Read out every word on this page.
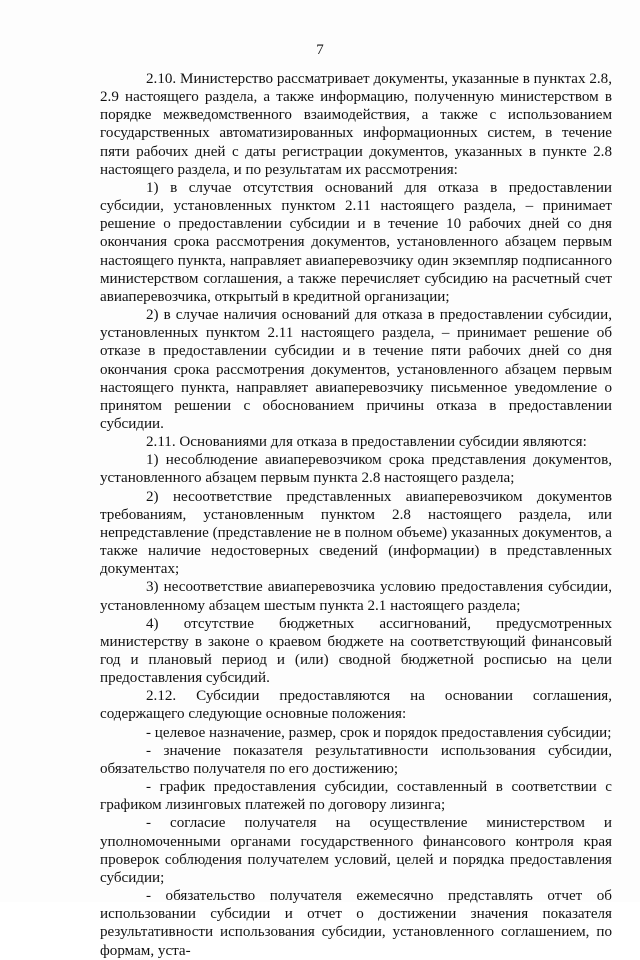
7

2.10. Министерство рассматривает документы, указанные в пунктах 2.8, 2.9 настоящего раздела, а также информацию, полученную министерством в порядке межведомственного взаимодействия, а также с использованием государственных автоматизированных информационных систем, в течение пяти рабочих дней с даты регистрации документов, указанных в пункте 2.8 настоящего раздела, и по результатам их рассмотрения:

1) в случае отсутствия оснований для отказа в предоставлении субсидии, установленных пунктом 2.11 настоящего раздела, – принимает решение о предоставлении субсидии и в течение 10 рабочих дней со дня окончания срока рассмотрения документов, установленного абзацем первым настоящего пункта, направляет авиаперевозчику один экземпляр подписанного министерством соглашения, а также перечисляет субсидию на расчетный счет авиаперевозчика, открытый в кредитной организации;

2) в случае наличия оснований для отказа в предоставлении субсидии, установленных пунктом 2.11 настоящего раздела, – принимает решение об отказе в предоставлении субсидии и в течение пяти рабочих дней со дня окончания срока рассмотрения документов, установленного абзацем первым настоящего пункта, направляет авиаперевозчику письменное уведомление о принятом решении с обоснованием причины отказа в предоставлении субсидии.

2.11. Основаниями для отказа в предоставлении субсидии являются:

1) несоблюдение авиаперевозчиком срока представления документов, установленного абзацем первым пункта 2.8 настоящего раздела;

2) несоответствие представленных авиаперевозчиком документов требованиям, установленным пунктом 2.8 настоящего раздела, или непредставление (представление не в полном объеме) указанных документов, а также наличие недостоверных сведений (информации) в представленных документах;

3) несоответствие авиаперевозчика условию предоставления субсидии, установленному абзацем шестым пункта 2.1 настоящего раздела;

4) отсутствие бюджетных ассигнований, предусмотренных министерству в законе о краевом бюджете на соответствующий финансовый год и плановый период и (или) сводной бюджетной росписью на цели предоставления субсидий.

2.12. Субсидии предоставляются на основании соглашения, содержащего следующие основные положения:

- целевое назначение, размер, срок и порядок предоставления субсидии;

- значение показателя результативности использования субсидии, обязательство получателя по его достижению;

- график предоставления субсидии, составленный в соответствии с графиком лизинговых платежей по договору лизинга;

- согласие получателя на осуществление министерством и уполномоченными органами государственного финансового контроля края проверок соблюдения получателем условий, целей и порядка предоставления субсидии;

- обязательство получателя ежемесячно представлять отчет об использовании субсидии и отчет о достижении значения показателя результативности использования субсидии, установленного соглашением, по формам, уста-
